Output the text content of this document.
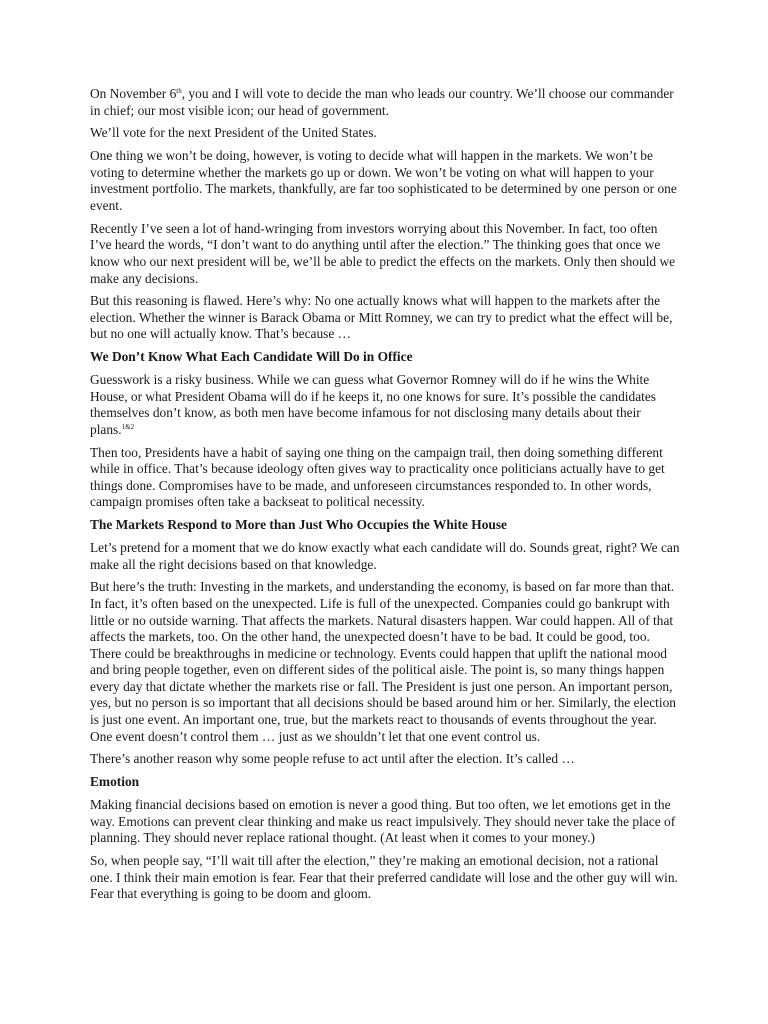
On November 6th, you and I will vote to decide the man who leads our country. We’ll choose our commander in chief; our most visible icon; our head of government.

We’ll vote for the next President of the United States.

One thing we won’t be doing, however, is voting to decide what will happen in the markets. We won’t be voting to determine whether the markets go up or down. We won’t be voting on what will happen to your investment portfolio. The markets, thankfully, are far too sophisticated to be determined by one person or one event.

Recently I’ve seen a lot of hand-wringing from investors worrying about this November. In fact, too often I’ve heard the words, “I don’t want to do anything until after the election.” The thinking goes that once we know who our next president will be, we’ll be able to predict the effects on the markets. Only then should we make any decisions.

But this reasoning is flawed. Here’s why: No one actually knows what will happen to the markets after the election. Whether the winner is Barack Obama or Mitt Romney, we can try to predict what the effect will be, but no one will actually know. That’s because …

We Don’t Know What Each Candidate Will Do in Office

Guesswork is a risky business. While we can guess what Governor Romney will do if he wins the White House, or what President Obama will do if he keeps it, no one knows for sure. It’s possible the candidates themselves don’t know, as both men have become infamous for not disclosing many details about their plans.$^{1\&2}$

Then too, Presidents have a habit of saying one thing on the campaign trail, then doing something different while in office. That’s because ideology often gives way to practicality once politicians actually have to get things done. Compromises have to be made, and unforeseen circumstances responded to. In other words, campaign promises often take a backseat to political necessity.

The Markets Respond to More than Just Who Occupies the White House

Let’s pretend for a moment that we do know exactly what each candidate will do. Sounds great, right? We can make all the right decisions based on that knowledge.

But here’s the truth: Investing in the markets, and understanding the economy, is based on far more than that. In fact, it’s often based on the unexpected. Life is full of the unexpected. Companies could go bankrupt with little or no outside warning. That affects the markets. Natural disasters happen. War could happen. All of that affects the markets, too. On the other hand, the unexpected doesn’t have to be bad. It could be good, too. There could be breakthroughs in medicine or technology. Events could happen that uplift the national mood and bring people together, even on different sides of the political aisle. The point is, so many things happen every day that dictate whether the markets rise or fall. The President is just one person. An important person, yes, but no person is so important that all decisions should be based around him or her. Similarly, the election is just one event. An important one, true, but the markets react to thousands of events throughout the year. One event doesn’t control them … just as we shouldn’t let that one event control us.

There’s another reason why some people refuse to act until after the election. It’s called …

Emotion

Making financial decisions based on emotion is never a good thing. But too often, we let emotions get in the way. Emotions can prevent clear thinking and make us react impulsively. They should never take the place of planning. They should never replace rational thought. (At least when it comes to your money.)

So, when people say, “I’ll wait till after the election,” they’re making an emotional decision, not a rational one. I think their main emotion is fear. Fear that their preferred candidate will lose and the other guy will win. Fear that everything is going to be doom and gloom.
